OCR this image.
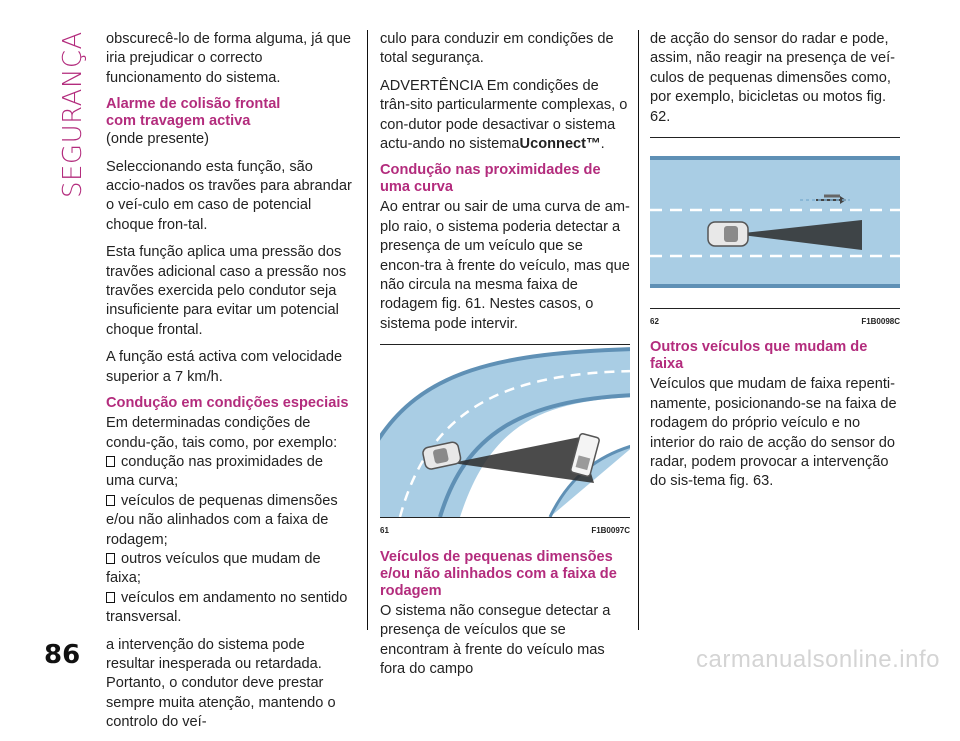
SEGURANÇA obscurecê-lo de forma alguma, já que iria prejudicar o correcto funcionamento do sistema.

Alarme de colisão frontal
com travagem activa

(onde presente)

Seleccionando esta função, são accio-nados os travões para abrandar o veí-culo em caso de potencial choque fron-tal.

Esta função aplica uma pressão dos travões adicional caso a pressão nos travões exercida pelo condutor seja insuficiente para evitar um potencial choque frontal.

A função está activa com velocidade superior a 7 km/h.

Condução em condições especiais

Em determinadas condições de condu-ção, tais como, por exemplo:

condução nas proximidades de uma curva;

veículos de pequenas dimensões e/ou não alinhados com a faixa de rodagem;

outros veículos que mudam de faixa;

veículos em andamento no sentido transversal.

a intervenção do sistema pode resultar inesperada ou retardada. Portanto, o condutor deve prestar sempre muita atenção, mantendo o controlo do veí-

culo para conduzir em condições de total segurança.

ADVERTÊNCIA Em condições de trân-sito particularmente complexas, o con-dutor pode desactivar o sistema actu-ando no sistemaUconnect™.

Condução nas proximidades de
uma curva

Ao entrar ou sair de uma curva de am-plo raio, o sistema poderia detectar a presença de um veículo que se encon-tra à frente do veículo, mas que não circula na mesma faixa de rodagem fig. 61. Nestes casos, o sistema pode intervir.

61	F1B0097C
Veículos de pequenas dimensões
e/ou não alinhados com a faixa de
rodagem

O sistema não consegue detectar a presença de veículos que se encontram à frente do veículo mas fora do campo

de acção do sensor do radar e pode, assim, não reagir na presença de veí-culos de pequenas dimensões como, por exemplo, bicicletas ou motos fig. 62.

62	F1B0098C
Outros veículos que mudam de
faixa

Veículos que mudam de faixa repenti-namente, posicionando-se na faixa de rodagem do próprio veículo e no interior do raio de acção do sensor do radar, podem provocar a intervenção do sis-tema fig. 63.

86	carmanualsonline.info
